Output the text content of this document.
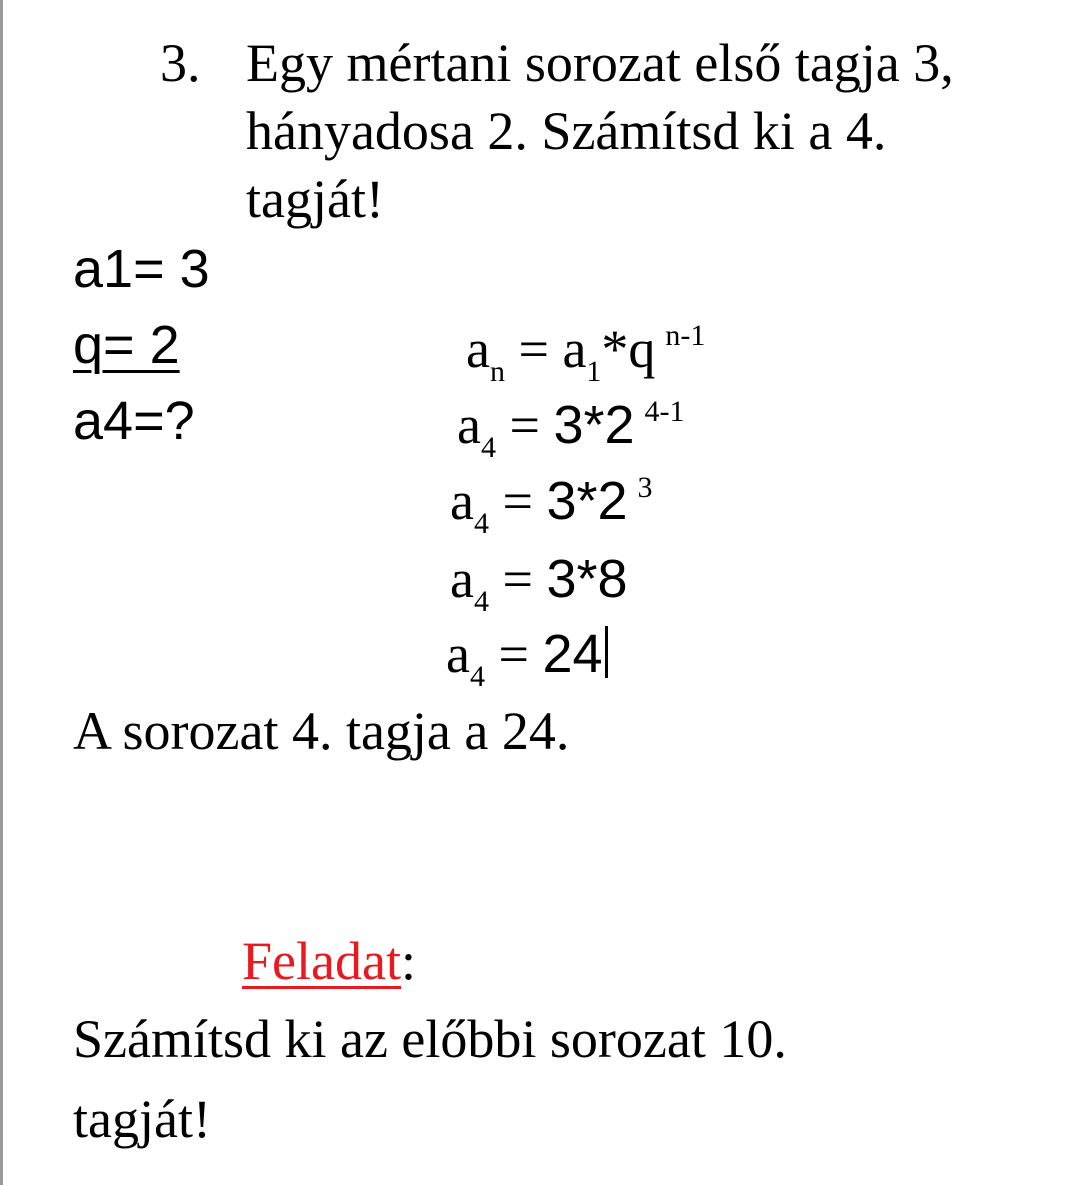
3. Egy mértani sorozat első tagja 3,
hányadosa 2. Számítsd ki a 4.
tagját!
a1= 3
q= 2
a4=?
$a_n = a_1*q$ $^{n-1}$
$a_4 = 3*2$ $^{4-1}$
$a_4 = 3*2$ $^3$
$a_4 = 3*8$
$a_4 = 24$
A sorozat 4. tagja a 24.
Feladat:
Számítsd ki az előbbi sorozat 10.
tagját!
